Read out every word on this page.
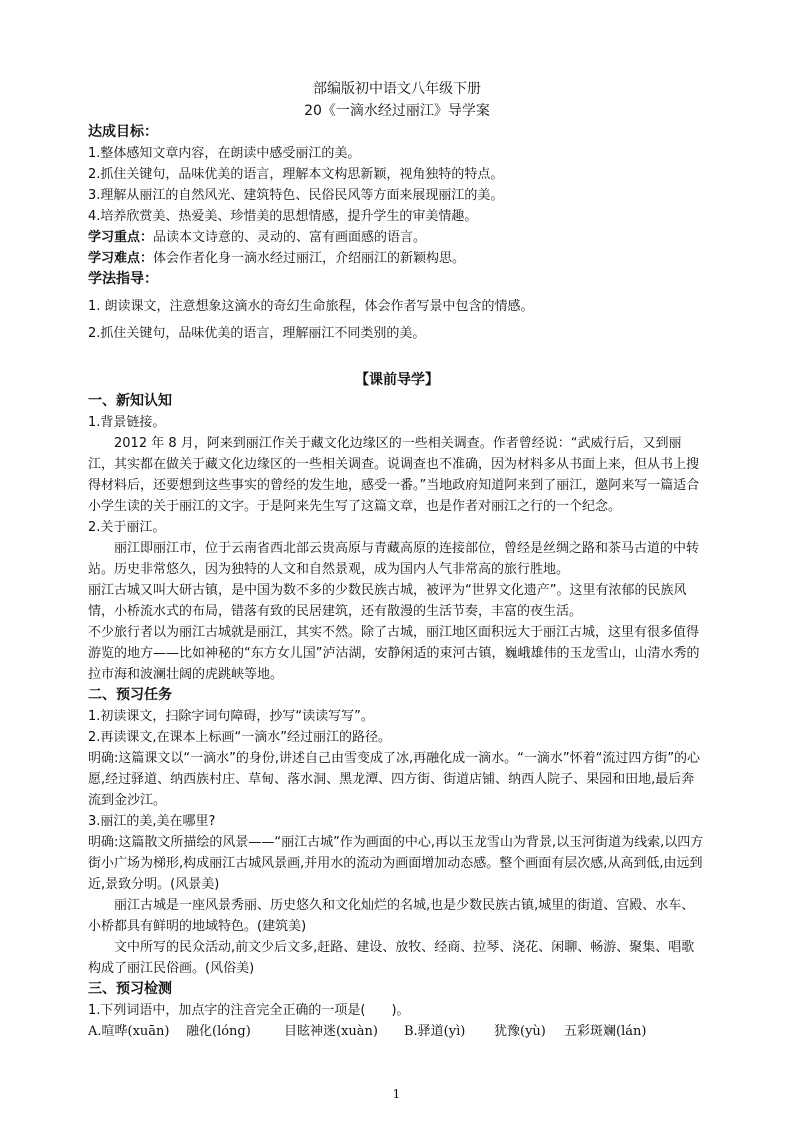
部编版初中语文八年级下册
20《一滴水经过丽江》导学案
达成目标：
1.整体感知文章内容，在朗读中感受丽江的美。
2.抓住关键句，品味优美的语言，理解本文构思新颖，视角独特的特点。
3.理解从丽江的自然风光、建筑特色、民俗民风等方面来展现丽江的美。
4.培养欣赏美、热爱美、珍惜美的思想情感，提升学生的审美情趣。
学习重点：品读本文诗意的、灵动的、富有画面感的语言。
学习难点：体会作者化身一滴水经过丽江，介绍丽江的新颖构思。
学法指导：
1. 朗读课文，注意想象这滴水的奇幻生命旅程，体会作者写景中包含的情感。
2.抓住关键句，品味优美的语言，理解丽江不同类别的美。
【课前导学】
一、新知认知
1.背景链接。
2012 年 8 月，阿来到丽江作关于藏文化边缘区的一些相关调查。作者曾经说：“武威行后，又到丽江，其实都在做关于藏文化边缘区的一些相关调查。说调查也不准确，因为材料多从书面上来，但从书上搜得材料后，还要想到这些事实的曾经的发生地，感受一番。”当地政府知道阿来到了丽江，邀阿来写一篇适合小学生读的关于丽江的文字。于是阿来先生写了这篇文章，也是作者对丽江之行的一个纪念。
2.关于丽江。
丽江即丽江市，位于云南省西北部云贵高原与青藏高原的连接部位，曾经是丝绸之路和茶马古道的中转站。历史非常悠久，因为独特的人文和自然景观，成为国内人气非常高的旅行胜地。
丽江古城又叫大研古镇，是中国为数不多的少数民族古城，被评为“世界文化遗产”。这里有浓郁的民族风情，小桥流水式的布局，错落有致的民居建筑，还有散漫的生活节奏，丰富的夜生活。
不少旅行者以为丽江古城就是丽江，其实不然。除了古城，丽江地区面积远大于丽江古城，这里有很多值得游览的地方——比如神秘的“东方女儿国”泸沽湖，安静闲适的束河古镇，巍峨雄伟的玉龙雪山，山清水秀的拉市海和波澜壮阔的虎跳峡等地。
二、预习任务
1.初读课文，扫除字词句障碍，抄写“读读写写”。
2.再读课文,在课本上标画“一滴水”经过丽江的路径。
明确:这篇课文以“一滴水”的身份,讲述自己由雪变成了冰,再融化成一滴水。“一滴水”怀着“流过四方街”的心愿,经过驿道、纳西族村庄、草甸、落水洞、黑龙潭、四方街、街道店铺、纳西人院子、果园和田地,最后奔流到金沙江。
3.丽江的美,美在哪里?
明确:这篇散文所描绘的风景——“丽江古城”作为画面的中心,再以玉龙雪山为背景,以玉河街道为线索,以四方街小广场为梯形,构成丽江古城风景画,并用水的流动为画面增加动态感。整个画面有层次感,从高到低,由远到近,景致分明。(风景美)
丽江古城是一座风景秀丽、历史悠久和文化灿烂的名城,也是少数民族古镇,城里的街道、宫殿、水车、小桥都具有鲜明的地域特色。(建筑美)
文中所写的民众活动,前文少后文多,赶路、建设、放牧、经商、拉琴、浇花、闲聊、畅游、聚集、唱歌构成了丽江民俗画。(风俗美)
三、预习检测
1.下列词语中，加点字的注音完全正确的一项是(　　)。
A.喧哗(xuān) 融化(lóng)	目眩神迷(xuàn) B.驿道(yì) 犹豫(yù) 五彩斑斓(lán)
1
